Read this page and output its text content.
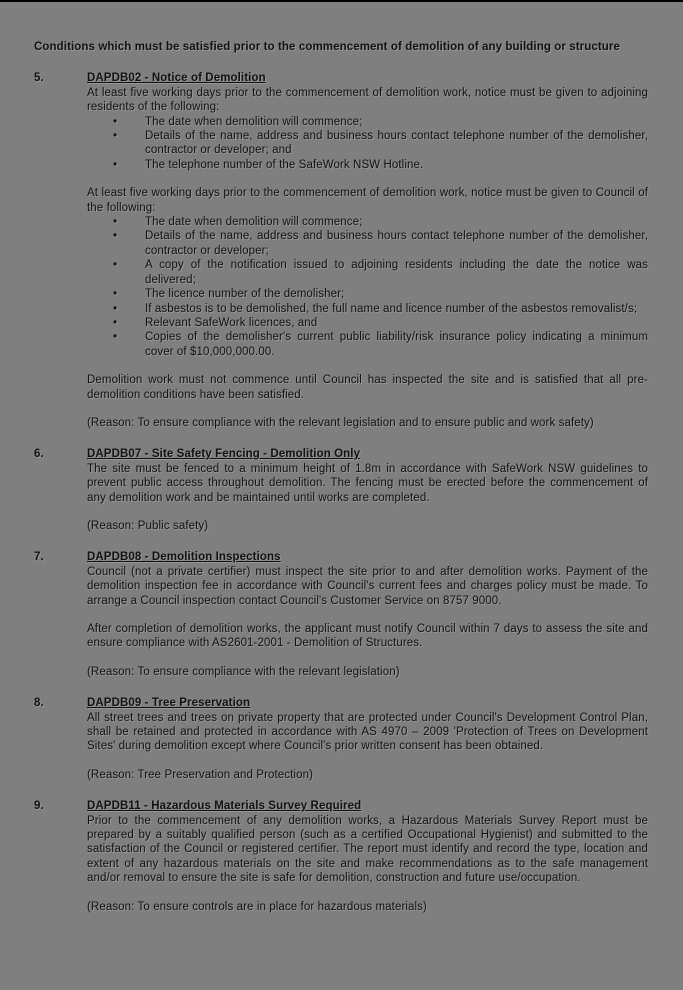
Conditions which must be satisfied prior to the commencement of demolition of any building or structure
5.	DAPDB02 - Notice of Demolition
At least five working days prior to the commencement of demolition work, notice must be given to adjoining residents of the following:
•	The date when demolition will commence;
•	Details of the name, address and business hours contact telephone number of the demolisher, contractor or developer; and
•	The telephone number of the SafeWork NSW Hotline.
At least five working days prior to the commencement of demolition work, notice must be given to Council of the following:
•	The date when demolition will commence;
•	Details of the name, address and business hours contact telephone number of the demolisher, contractor or developer;
•	A copy of the notification issued to adjoining residents including the date the notice was delivered;
•	The licence number of the demolisher;
•	If asbestos is to be demolished, the full name and licence number of the asbestos removalist/s;
•	Relevant SafeWork licences, and
•	Copies of the demolisher's current public liability/risk insurance policy indicating a minimum cover of $10,000,000.00.
Demolition work must not commence until Council has inspected the site and is satisfied that all pre-demolition conditions have been satisfied.
(Reason: To ensure compliance with the relevant legislation and to ensure public and work safety)
6.	DAPDB07 - Site Safety Fencing - Demolition Only
The site must be fenced to a minimum height of 1.8m in accordance with SafeWork NSW guidelines to prevent public access throughout demolition. The fencing must be erected before the commencement of any demolition work and be maintained until works are completed.
(Reason: Public safety)
7.	DAPDB08 - Demolition Inspections
Council (not a private certifier) must inspect the site prior to and after demolition works. Payment of the demolition inspection fee in accordance with Council's current fees and charges policy must be made. To arrange a Council inspection contact Council's Customer Service on 8757 9000.
After completion of demolition works, the applicant must notify Council within 7 days to assess the site and ensure compliance with AS2601-2001 - Demolition of Structures.
(Reason: To ensure compliance with the relevant legislation)
8.	DAPDB09 - Tree Preservation
All street trees and trees on private property that are protected under Council's Development Control Plan, shall be retained and protected in accordance with AS 4970 – 2009 'Protection of Trees on Development Sites' during demolition except where Council's prior written consent has been obtained.
(Reason: Tree Preservation and Protection)
9.	DAPDB11 - Hazardous Materials Survey Required
Prior to the commencement of any demolition works, a Hazardous Materials Survey Report must be prepared by a suitably qualified person (such as a certified Occupational Hygienist) and submitted to the satisfaction of the Council or registered certifier. The report must identify and record the type, location and extent of any hazardous materials on the site and make recommendations as to the safe management and/or removal to ensure the site is safe for demolition, construction and future use/occupation.
(Reason: To ensure controls are in place for hazardous materials)
